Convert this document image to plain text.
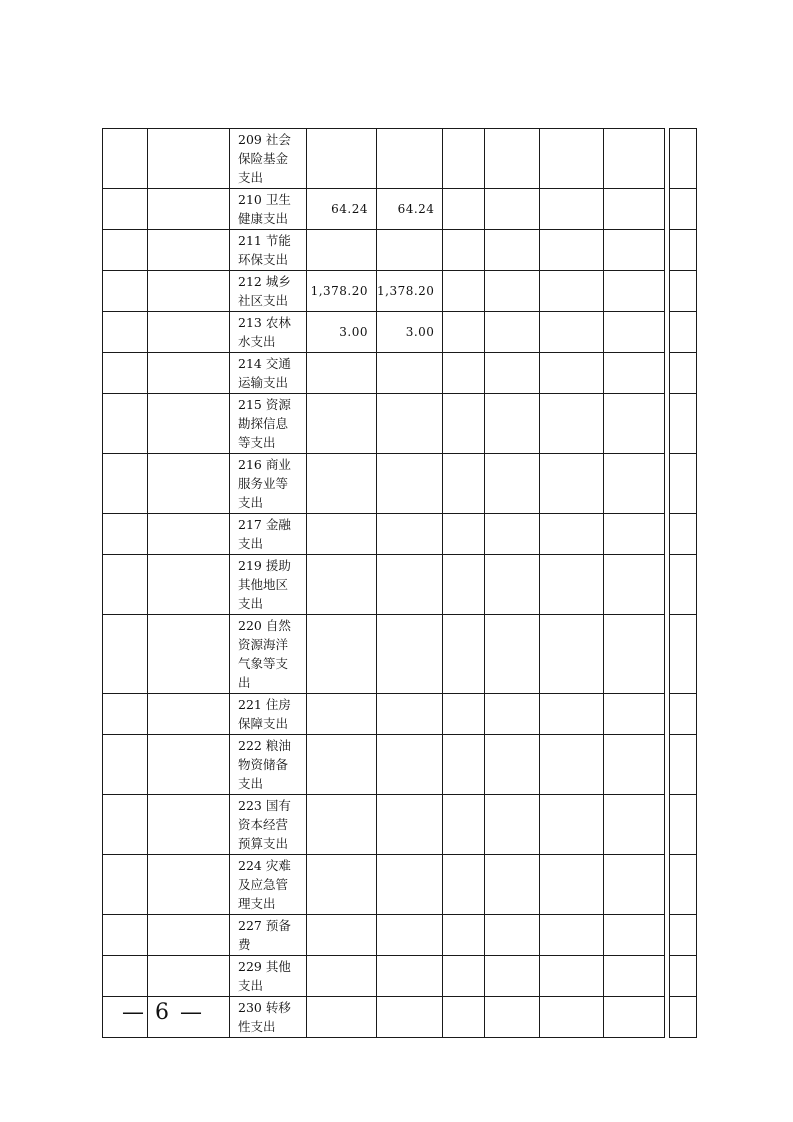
		209 社会保险基金支出								
		210 卫生健康支出	64.24	64.24						
		211 节能环保支出								
		212 城乡社区支出	1,378.20	1,378.20						
		213 农林水支出	3.00	3.00						
		214 交通运输支出								
		215 资源勘探信息等支出								
		216 商业服务业等支出								
		217 金融支出								
		219 援助其他地区支出								
		220 自然资源海洋气象等支出								
		221 住房保障支出								
		222 粮油物资储备支出								
		223 国有资本经营预算支出								
		224 灾难及应急管理支出								
		227 预备费								
		229 其他支出								
		230 转移性支出								
— 6 —
